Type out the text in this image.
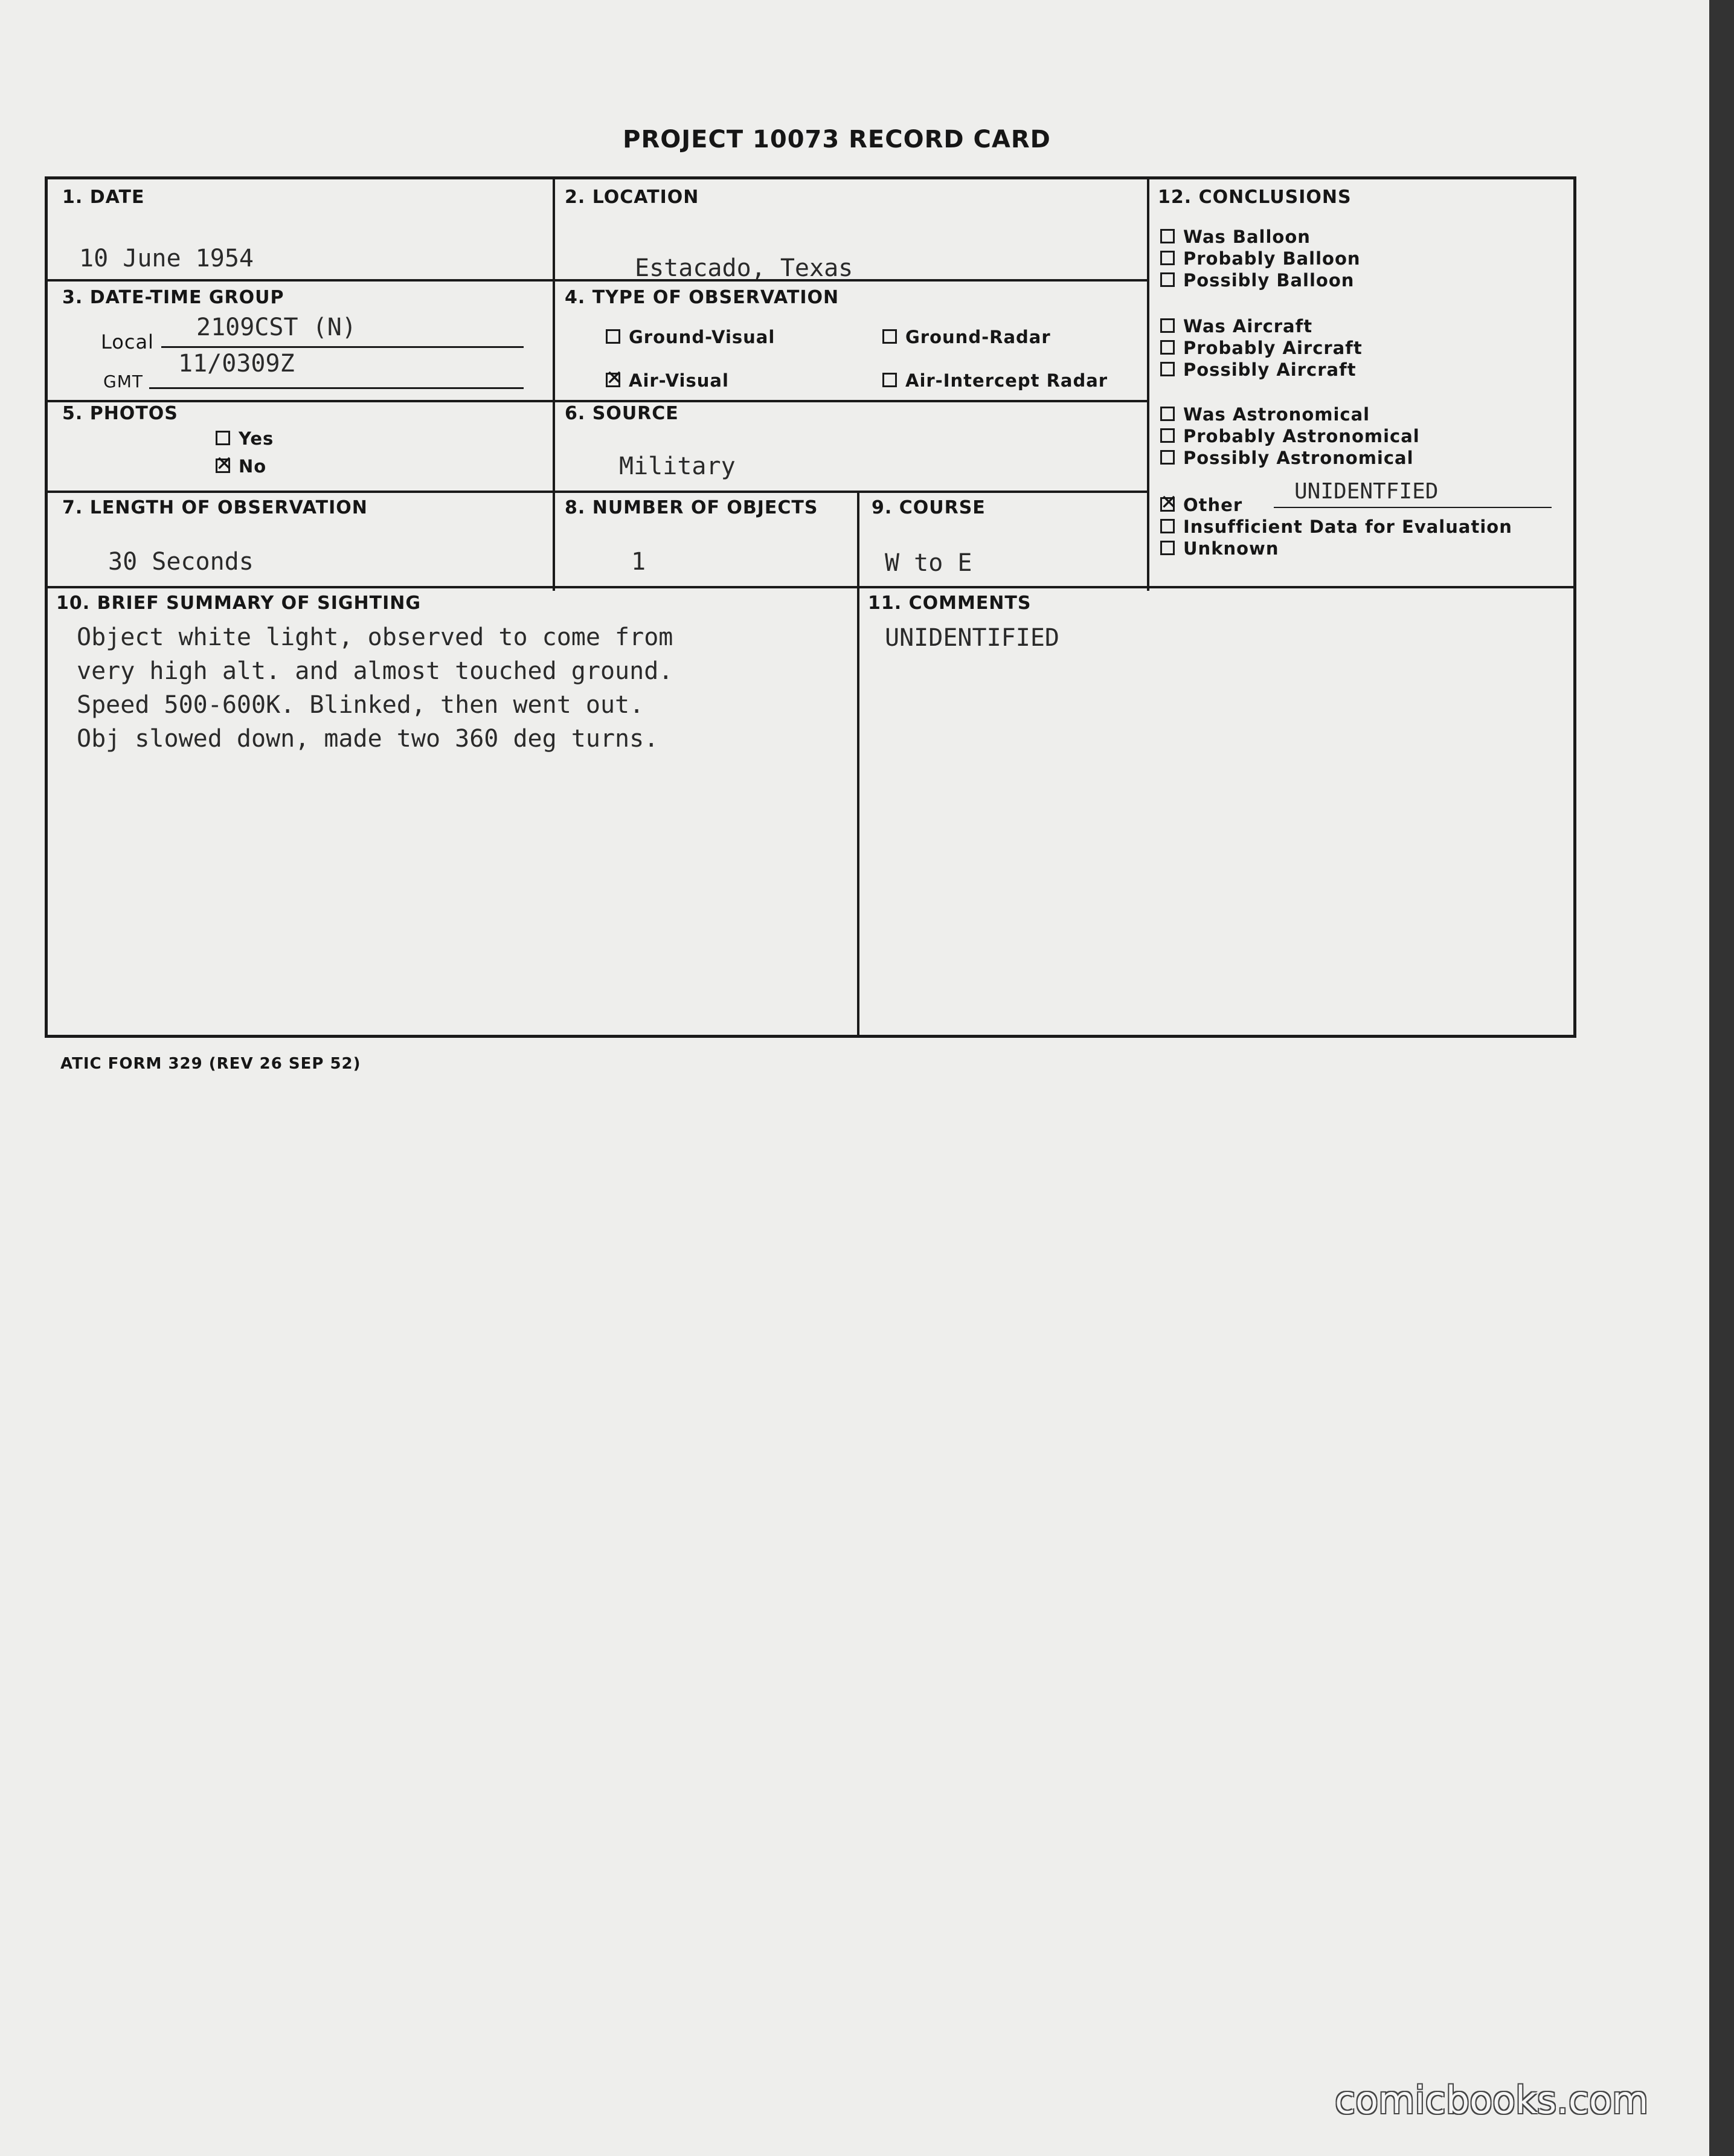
PROJECT 10073 RECORD CARD
1. DATE
10 June 1954
2. LOCATION
Estacado, Texas
3. DATE-TIME GROUP
Local
2109CST (N)
GMT
11/0309Z
4. TYPE OF OBSERVATION
Ground-Visual	Ground-Radar
✕Air-Visual	Air-Intercept Radar
5. PHOTOS
Yes
✕No
6. SOURCE
Military
7. LENGTH OF OBSERVATION
30 Seconds
8. NUMBER OF OBJECTS
1
9. COURSE
W to E
12. CONCLUSIONS
Was Balloon
Probably Balloon
Possibly Balloon
Was Aircraft
Probably Aircraft
Possibly Aircraft
Was Astronomical
Probably Astronomical
Possibly Astronomical
✕Other
UNIDENTFIED
Insufficient Data for Evaluation
Unknown
10. BRIEF SUMMARY OF SIGHTING
Object white light, observed to come from
very high alt. and almost touched ground.
Speed 500-600K. Blinked, then went out.
Obj slowed down, made two 360 deg turns.
11. COMMENTS
UNIDENTIFIED
ATIC FORM 329 (REV 26 SEP 52)
comicbooks.com
